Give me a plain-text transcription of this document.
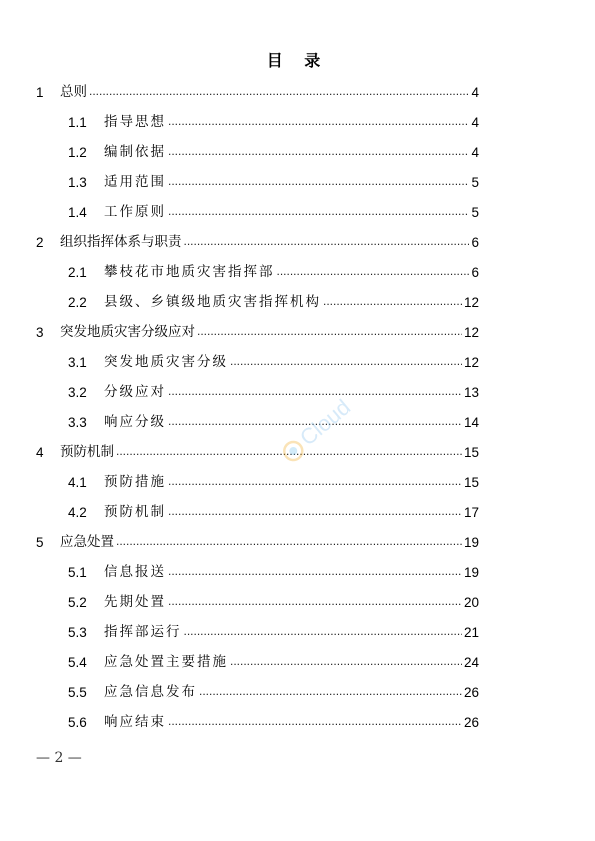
目 录
1	总则 .....	4
1.1	指导思想 .....	4
1.2	编制依据 .....	4
1.3	适用范围 .....	5
1.4	工作原则 .....	5
2	组织指挥体系与职责 .....	6
2.1	攀枝花市地质灾害指挥部 .....	6
2.2	县级、乡镇级地质灾害指挥机构 .....	12
3	突发地质灾害分级应对 .....	12
3.1	突发地质灾害分级 .....	12
3.2	分级应对 .....	13
3.3	响应分级 .....	14
4	预防机制 .....	15
4.1	预防措施 .....	15
4.2	预防机制 .....	17
5	应急处置 .....	19
5.1	信息报送 .....	19
5.2	先期处置 .....	20
5.3	指挥部运行 .....	21
5.4	应急处置主要措施 .....	24
5.5	应急信息发布 .....	26
5.6	响应结束 .....	26
Cloud
— 2 —
